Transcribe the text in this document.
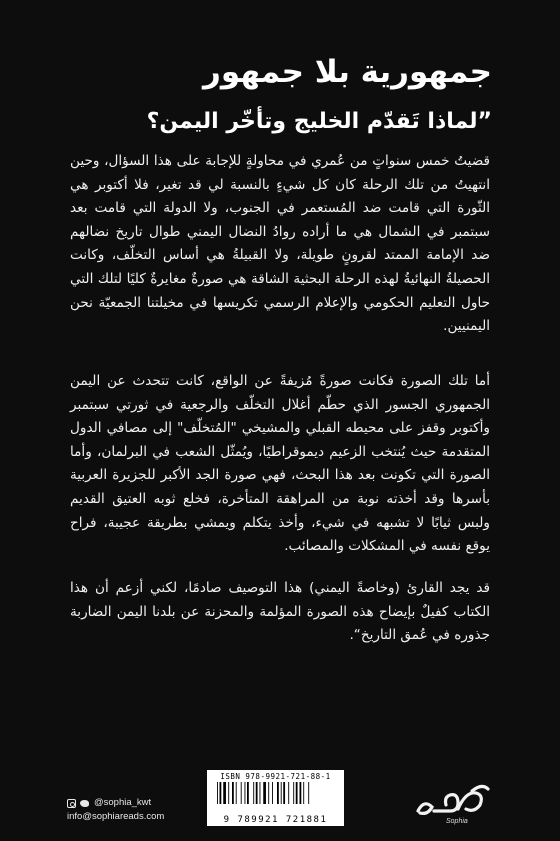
جمهورية بلا جمهور
”لماذا تَقدّم الخليج وتأخّر اليمن؟

قضيتُ خمس سنواتٍ من عُمري في محاولةٍ للإجابة على هذا السؤال، وحين انتهيتُ من تلك الرحلة كان كل شيءٍ بالنسبة لي قد تغير، فلا أكتوبر هي الثّورة التي قامت ضد المُستعمر في الجنوب، ولا الدولة التي قامت بعد سبتمبر في الشمال هي ما أراده روادُ النضال اليمني طوال تاريخ نضالهم ضد الإمامة الممتد لقرونٍ طويلة، ولا القبيلةُ هي أساس التخلّف، وكانت الحصيلةُ النهائيةُ لهذه الرحلة البحثية الشاقة هي صورةٌ مغايرةٌ كليًا لتلك التي حاول التعليم الحكومي والإعلام الرسمي تكريسها في مخيلتنا الجمعيّة نحن اليمنيين.

أما تلك الصورة فكانت صورةً مُزيفةً عن الواقع، كانت تتحدث عن اليمن الجمهوري الجسور الذي حطّم أغلال التخلّف والرجعية في ثورتي سبتمبر وأكتوبر وقفز على محيطه القبلي والمشيخي "المُتخلّف" إلى مصافي الدول المتقدمة حيث يُنتخب الزعيم ديموقراطيًا، ويُمثّل الشعب في البرلمان، وأما الصورة التي تكونت بعد هذا البحث، فهي صورة الجد الأكبر للجزيرة العربية بأسرها وقد أخذته نوبة من المراهقة المتأخرة، فخلع ثوبه العتيق القديم ولبس ثيابًا لا تشبهه في شيء، وأخذ يتكلم ويمشي بطريقة عجيبة، فراح يوقع نفسه في المشكلات والمصائب.

قد يجد القارئ (وخاصةً اليمني) هذا التوصيف صادمًا، لكني أزعم أن هذا الكتاب كفيلٌ بإيضاح هذه الصورة المؤلمة والمحزنة عن بلدنا اليمن الضاربة جذوره في عُمق التاريخ“.

@sophia_kwt
info@sophiareads.com
ISBN 978-9921-721-88-1
9 789921 721881	Sophia
